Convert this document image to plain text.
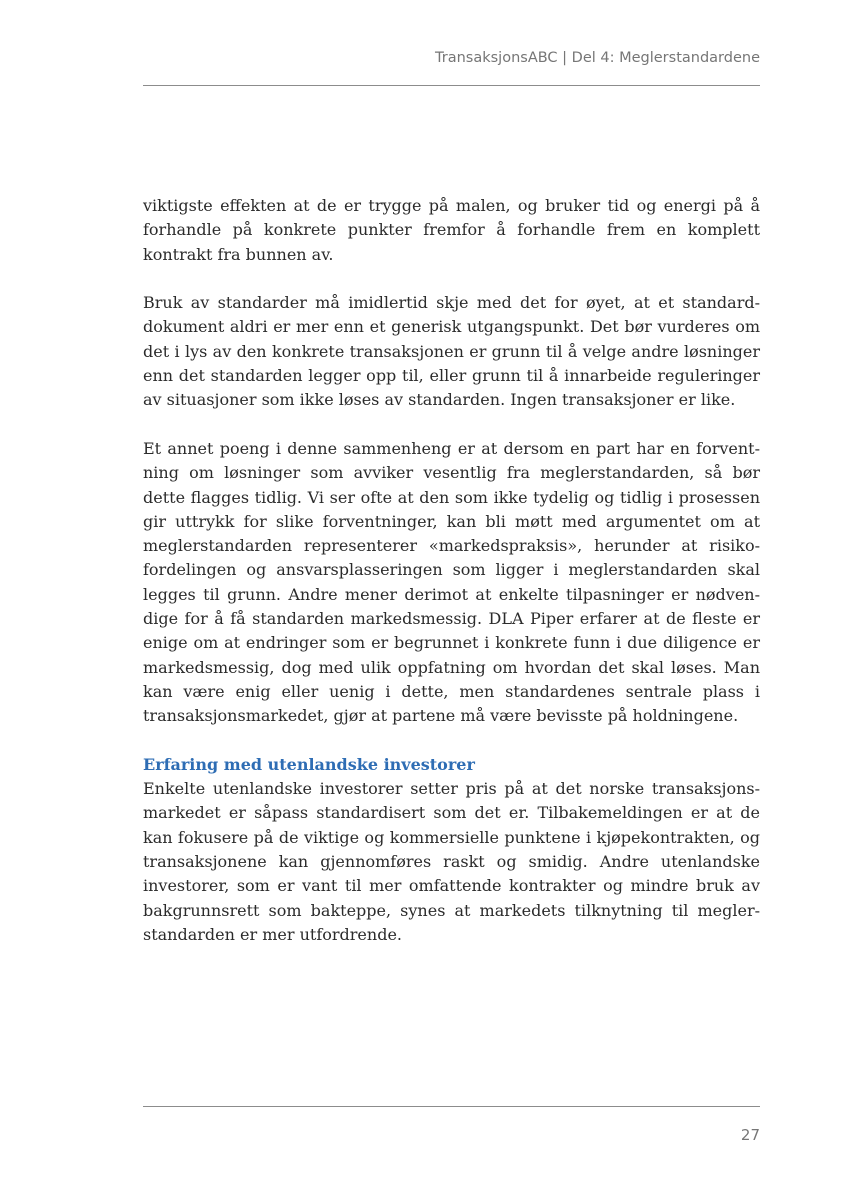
TransaksjonsABC | Del 4: Meglerstandardene

viktigste effekten at de er trygge på malen, og bruker tid og energi på å forhandle på konkrete punkter fremfor å forhandle frem en komplett kontrakt fra bunnen av.

Bruk av standarder må imidlertid skje med det for øyet, at et standarddokument aldri er mer enn et generisk utgangspunkt. Det bør vurderes om det i lys av den konkrete transaksjonen er grunn til å velge andre løsninger enn det standarden legger opp til, eller grunn til å innarbeide reguleringer av situasjoner som ikke løses av standarden. Ingen transaksjoner er like.

Et annet poeng i denne sammenheng er at dersom en part har en forventning om løsninger som avviker vesentlig fra meglerstandarden, så bør dette flagges tidlig. Vi ser ofte at den som ikke tydelig og tidlig i prosessen gir uttrykk for slike forventninger, kan bli møtt med argumentet om at meglerstandarden representerer «markedspraksis», herunder at risikofordelingen og ansvarsplasseringen som ligger i meglerstandarden skal legges til grunn. Andre mener derimot at enkelte tilpasninger er nødvendige for å få standarden markedsmessig. DLA Piper erfarer at de fleste er enige om at endringer som er begrunnet i konkrete funn i due diligence er markedsmessig, dog med ulik oppfatning om hvordan det skal løses. Man kan være enig eller uenig i dette, men standardenes sentrale plass i transaksjonsmarkedet, gjør at partene må være bevisste på holdningene.

Erfaring med utenlandske investorer

Enkelte utenlandske investorer setter pris på at det norske transaksjonsmarkedet er såpass standardisert som det er. Tilbakemeldingen er at de kan fokusere på de viktige og kommersielle punktene i kjøpekontrakten, og transaksjonene kan gjennomføres raskt og smidig. Andre utenlandske investorer, som er vant til mer omfattende kontrakter og mindre bruk av bakgrunnsrett som bakteppe, synes at markedets tilknytning til meglerstandarden er mer utfordrende.

27
